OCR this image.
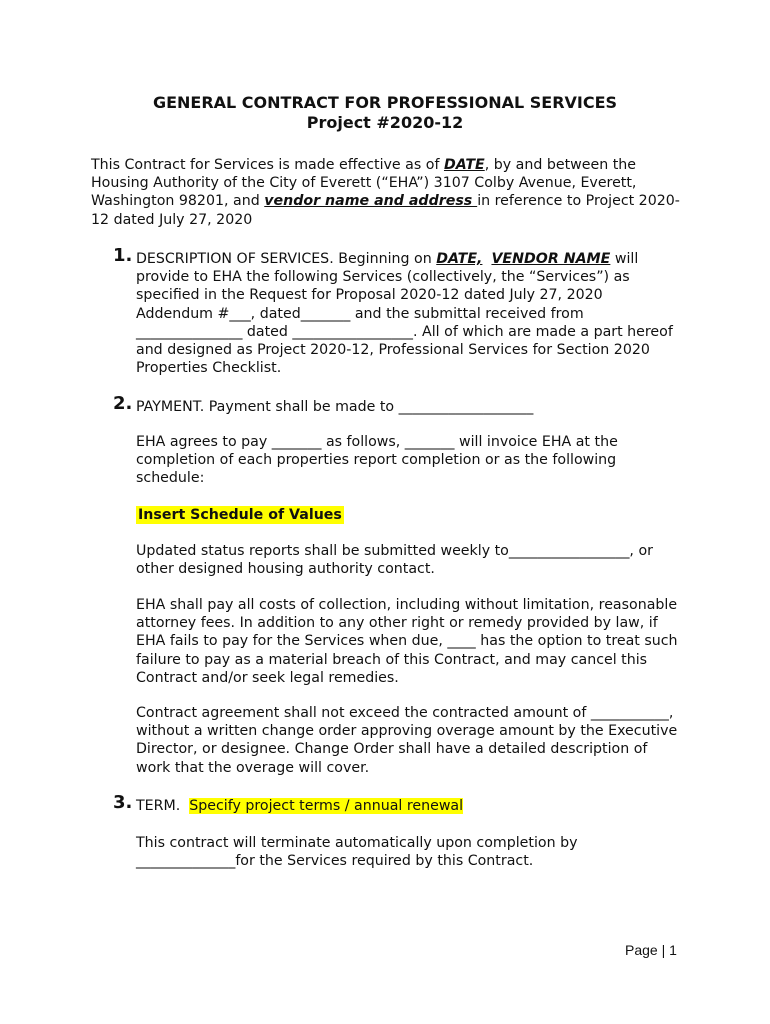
GENERAL CONTRACT FOR PROFESSIONAL SERVICES
Project #2020-12
This Contract for Services is made effective as of DATE, by and between the Housing Authority of the City of Everett (“EHA”) 3107 Colby Avenue, Everett, Washington 98201, and vendor name and address in reference to Project 2020-12 dated July 27, 2020
1. DESCRIPTION OF SERVICES. Beginning on DATE, VENDOR NAME will provide to EHA the following Services (collectively, the “Services”) as specified in the Request for Proposal 2020-12 dated July 27, 2020 Addendum #___, dated_______ and the submittal received from _______________ dated _________________. All of which are made a part hereof and designed as Project 2020-12, Professional Services for Section 2020 Properties Checklist.
2. PAYMENT. Payment shall be made to ___________________
EHA agrees to pay _______ as follows, _______ will invoice EHA at the completion of each properties report completion or as the following schedule:
Insert Schedule of Values
Updated status reports shall be submitted weekly to_________________, or other designed housing authority contact.
EHA shall pay all costs of collection, including without limitation, reasonable attorney fees. In addition to any other right or remedy provided by law, if EHA fails to pay for the Services when due, ____ has the option to treat such failure to pay as a material breach of this Contract, and may cancel this Contract and/or seek legal remedies.
Contract agreement shall not exceed the contracted amount of ___________, without a written change order approving overage amount by the Executive Director, or designee. Change Order shall have a detailed description of work that the overage will cover.
3. TERM.  Specify project terms / annual renewal
This contract will terminate automatically upon completion by ______________for the Services required by this Contract.
Page | 1
